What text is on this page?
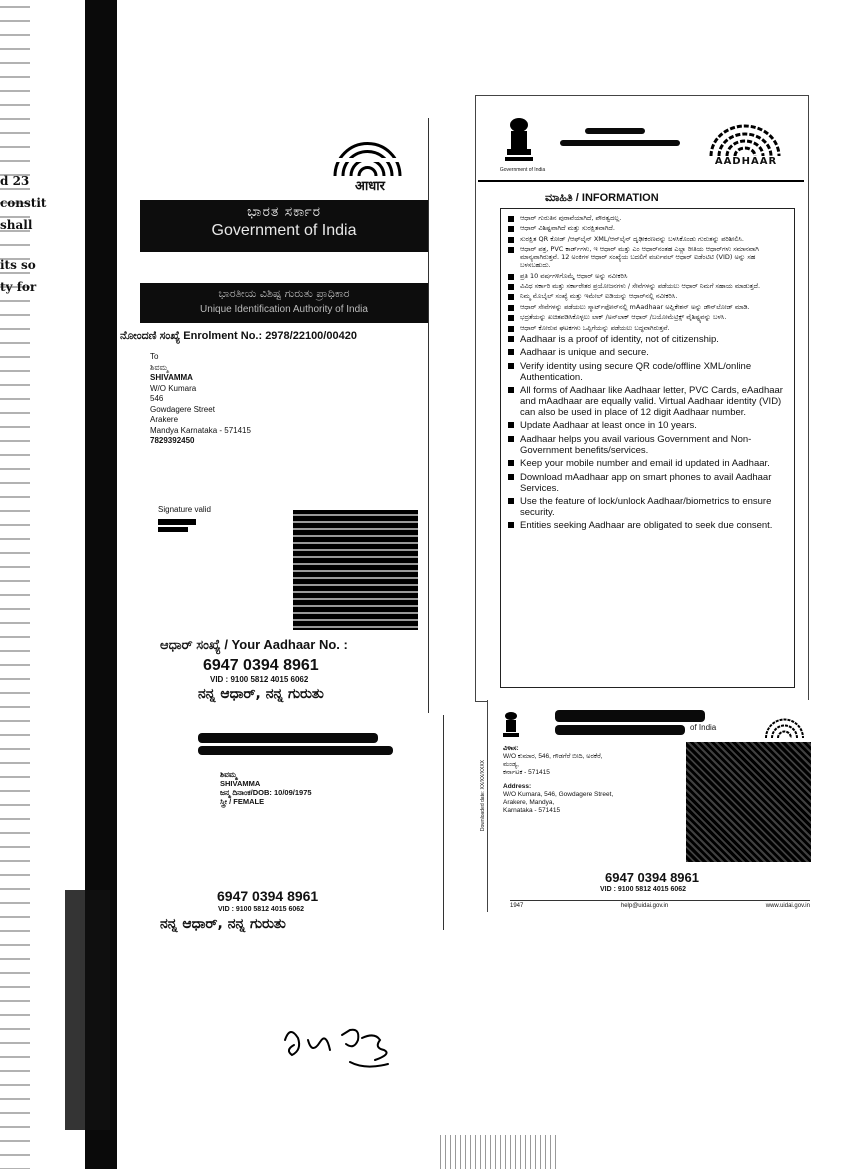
d 23
constit
shall
its so
ty for
आधार
ಭಾರತ ಸರ್ಕಾರ
Government of India
ಭಾರತೀಯ ವಿಶಿಷ್ಟ ಗುರುತು ಪ್ರಾಧಿಕಾರ
Unique Identification Authority of India
ನೋಂದಣಿ ಸಂಖ್ಯೆ Enrolment No.: 2978/22100/00420
To
ಶಿವಮ್ಮ
SHIVAMMA
W/O Kumara
546
Gowdagere Street
Arakere
Mandya Karnataka - 571415
7829392450
Signature valid
ಆಧಾರ್ ಸಂಖ್ಯೆ / Your Aadhaar No. :
6947 0394 8961
VID : 9100 5812 4015 6062
ನನ್ನ ಆಧಾರ್, ನನ್ನ ಗುರುತು
ಶಿವಮ್ಮ
SHIVAMMA
ಜನ್ಮ ದಿನಾಂಕ/DOB: 10/09/1975
ಸ್ತ್ರೀ / FEMALE
6947 0394 8961
VID : 9100 5812 4015 6062
ನನ್ನ ಆಧಾರ್, ನನ್ನ ಗುರುತು
Government of India
AADHAAR
ಮಾಹಿತಿ / INFORMATION
ಆಧಾರ್ ಗುರುತಿನ ಪುರಾವೆಯಾಗಿದೆ, ಪೌರತ್ವದಲ್ಲ.
ಆಧಾರ್ ವಿಶಿಷ್ಟವಾಗಿದೆ ಮತ್ತು ಸುರಕ್ಷಿತವಾಗಿದೆ.
ಸುರಕ್ಷಿತ QR ಕೋಡ್ /ಆಫ್‌ಲೈನ್ XML/ಆನ್‌ಲೈನ್ ದೃಢೀಕರಣವನ್ನು ಬಳಸಿಕೊಂಡು ಗುರುತನ್ನು ಪರಿಶೀಲಿಸಿ.
ಆಧಾರ್ ಪತ್ರ, PVC ಕಾರ್ಡ್‌ಗಳು, ಇ ಆಧಾರ್ ಮತ್ತು ಎಂ ಆಧಾರ್‌ನಂತಹ ಎಲ್ಲಾ ರೀತಿಯ ಆಧಾರ್‌ಗಳು ಸಮಾನವಾಗಿ ಮಾನ್ಯವಾಗಿರುತ್ತವೆ. 12 ಅಂಕಿಗಳ ಆಧಾರ್ ಸಂಖ್ಯೆಯ ಬದಲಿಗೆ ವರ್ಚುವಲ್ ಆಧಾರ್ ಐಡೆಂಟಿಟಿ (VID) ಅನ್ನು ಸಹ ಬಳಸಬಹುದು.
ಪ್ರತಿ 10 ವರ್ಷಗಳಿಗೊಮ್ಮೆ ಆಧಾರ್ ಅನ್ನು ನವೀಕರಿಸಿ
ವಿವಿಧ ಸರ್ಕಾರಿ ಮತ್ತು ಸರ್ಕಾರೇತರ ಪ್ರಯೋಜನಗಳು / ಸೇವೆಗಳನ್ನು ಪಡೆಯಲು ಆಧಾರ್ ನಿಮಗೆ ಸಹಾಯ ಮಾಡುತ್ತದೆ.
ನಿಮ್ಮ ಮೊಬೈಲ್ ಸಂಖ್ಯೆ ಮತ್ತು ಇಮೇಲ್ ಐಡಿಯನ್ನು ಆಧಾರ್‌ನಲ್ಲಿ ನವೀಕರಿಸಿ.
ಆಧಾರ್ ಸೇವೆಗಳನ್ನು ಪಡೆಯಲು ಸ್ಮಾರ್ಟ್‌ಫೋನ್‌ನಲ್ಲಿ mAadhaar ಅಪ್ಲಿಕೇಶನ್ ಅನ್ನು ಡೌನ್‌ಲೋಡ್ ಮಾಡಿ.
ಭದ್ರತೆಯನ್ನು ಖಚಿತಪಡಿಸಿಕೊಳ್ಳಲು ಲಾಕ್ /ಅನ್‌ಲಾಕ್ ಆಧಾರ್ /ಬಯೋಮೆಟ್ರಿಕ್ಸ್ ವೈಶಿಷ್ಟ್ಯವನ್ನು ಬಳಸಿ.
ಆಧಾರ್ ಕೋರುವ ಘಟಕಗಳು ಒಪ್ಪಿಗೆಯನ್ನು ಪಡೆಯಲು ಬದ್ಧವಾಗಿರುತ್ತವೆ.
Aadhaar is a proof of identity, not of citizenship.
Aadhaar is unique and secure.
Verify identity using secure QR code/offline XML/online Authentication.
All forms of Aadhaar like Aadhaar letter, PVC Cards, eAadhaar and mAadhaar are equally valid. Virtual Aadhaar identity (VID) can also be used in place of 12 digit Aadhaar number.
Update Aadhaar at least once in 10 years.
Aadhaar helps you avail various Government and Non- Government benefits/services.
Keep your mobile number and email id updated in Aadhaar.
Download mAadhaar app on smart phones to avail Aadhaar Services.
Use the feature of lock/unlock Aadhaar/biometrics to ensure security.
Entities seeking Aadhaar are obligated to seek due consent.
of India
Downloaded date: XX/XX/XXXX
ವಿಳಾಸ:
W/O ಕುಮಾರ, 546, ಗೌಡಗೆರೆ ಬೀದಿ, ಅರಕೆರೆ,
ಮಂಡ್ಯ,
ಕರ್ನಾಟಕ - 571415
Address:
W/O Kumara, 546, Gowdagere Street,
Arakere, Mandya,
Karnataka - 571415
6947 0394 8961
VID : 9100 5812 4015 6062
1947	help@uidai.gov.in	www.uidai.gov.in
